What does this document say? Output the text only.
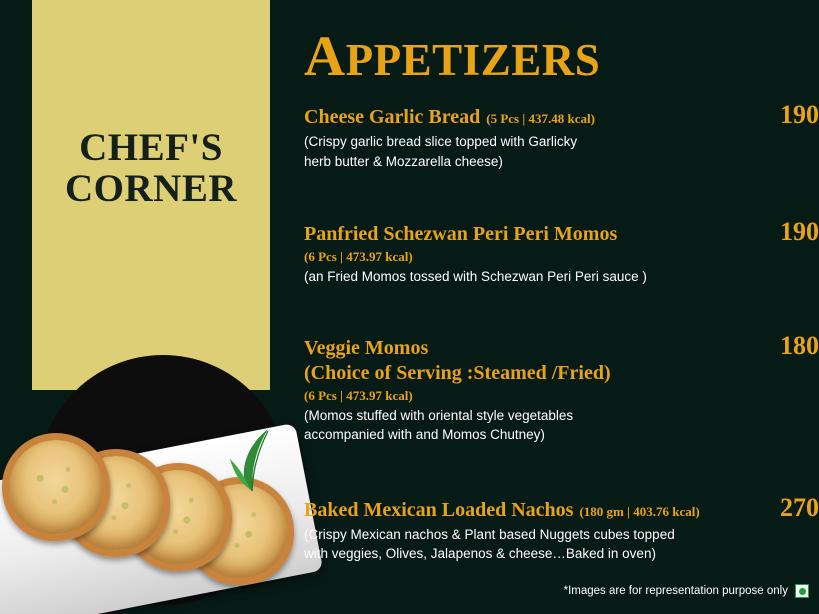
CHEF'S
CORNER
APPETIZERS
Cheese Garlic Bread (5 Pcs | 437.48 kcal)	190
(Crispy garlic bread slice topped with Garlicky
herb butter & Mozzarella cheese)
Panfried Schezwan Peri Peri Momos
(6 Pcs | 473.97 kcal)
190
(an Fried Momos tossed with Schezwan Peri Peri sauce )
Veggie Momos
(Choice of Serving :Steamed /Fried)
(6 Pcs | 473.97 kcal)
180
(Momos stuffed with oriental style vegetables
accompanied with and Momos Chutney)
Baked Mexican Loaded Nachos (180 gm | 403.76 kcal)	270
(Crispy Mexican nachos & Plant based Nuggets cubes topped
with veggies, Olives, Jalapenos & cheese…Baked in oven)
*Images are for representation purpose only
